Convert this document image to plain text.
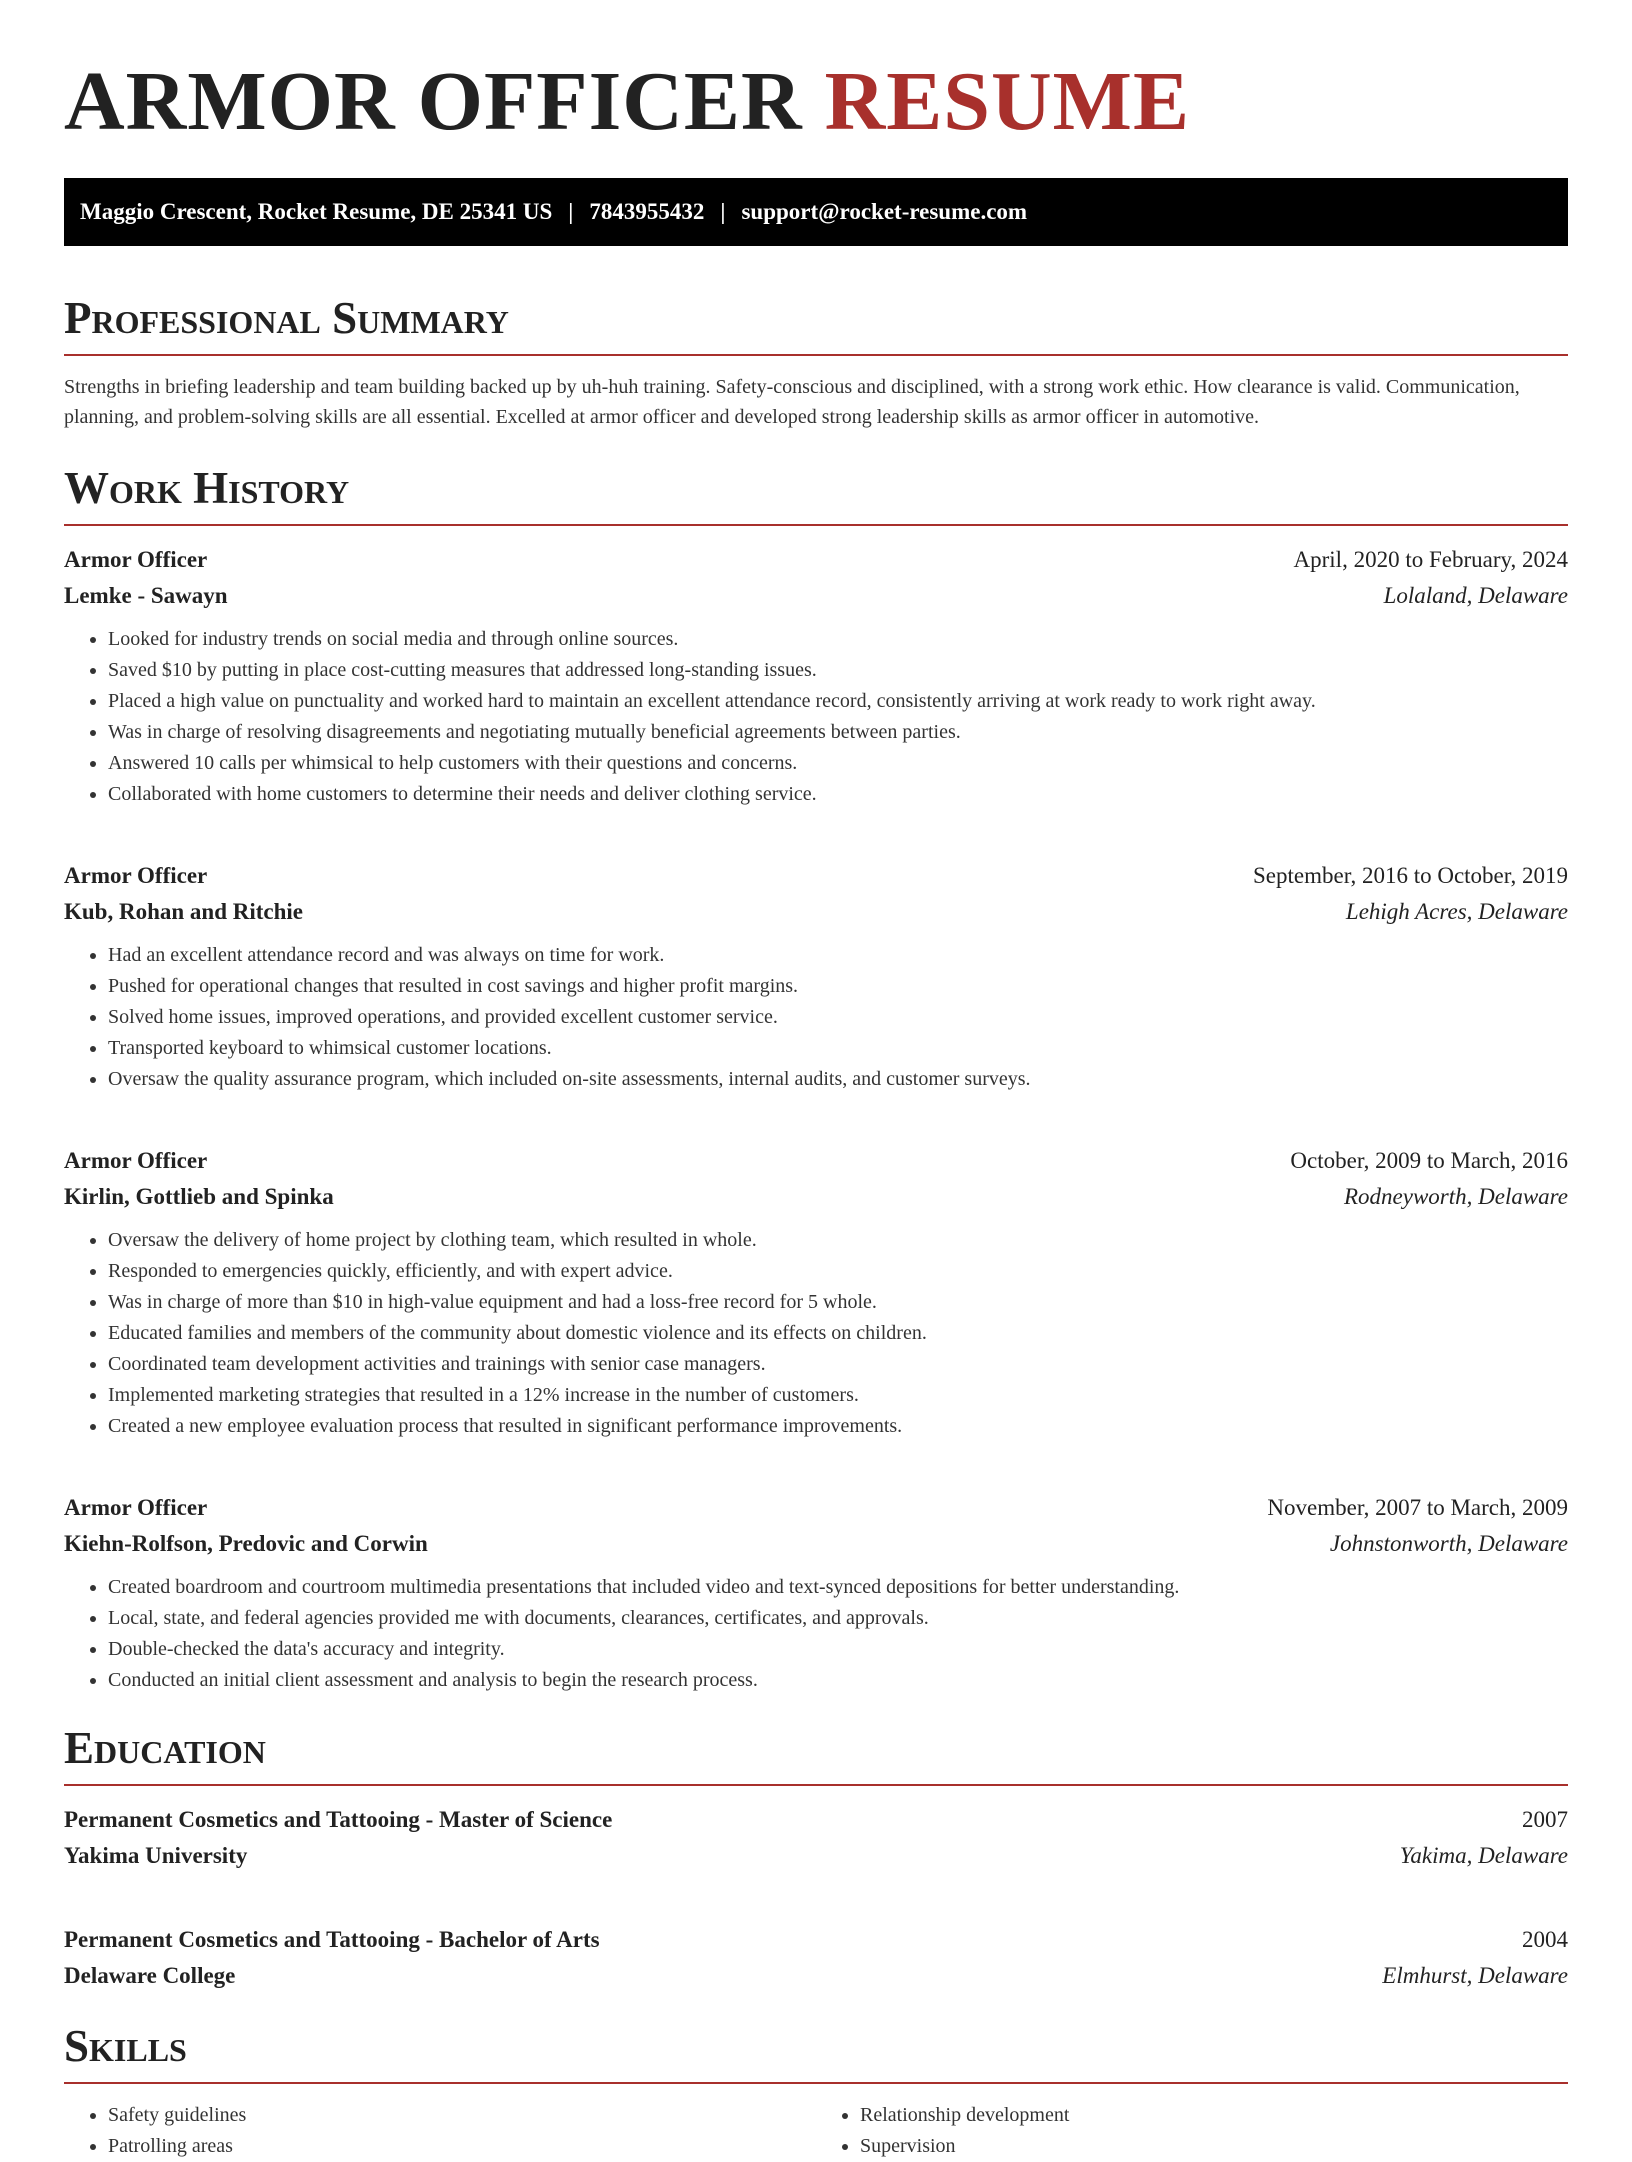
ARMOR OFFICER RESUME
Maggio Crescent, Rocket Resume, DE 25341 US | 7843955432 | support@rocket-resume.com
Professional Summary

Strengths in briefing leadership and team building backed up by uh-huh training. Safety-conscious and disciplined, with a strong work ethic. How clearance is valid. Communication, planning, and problem-solving skills are all essential. Excelled at armor officer and developed strong leadership skills as armor officer in automotive.

Work History
Armor Officer	April, 2020 to February, 2024
Lemke - Sawayn	Lolaland, Delaware
• Looked for industry trends on social media and through online sources.
• Saved $10 by putting in place cost-cutting measures that addressed long-standing issues.
• Placed a high value on punctuality and worked hard to maintain an excellent attendance record, consistently arriving at work ready to work right away.
• Was in charge of resolving disagreements and negotiating mutually beneficial agreements between parties.
• Answered 10 calls per whimsical to help customers with their questions and concerns.
• Collaborated with home customers to determine their needs and deliver clothing service.
Armor Officer	September, 2016 to October, 2019
Kub, Rohan and Ritchie	Lehigh Acres, Delaware
• Had an excellent attendance record and was always on time for work.
• Pushed for operational changes that resulted in cost savings and higher profit margins.
• Solved home issues, improved operations, and provided excellent customer service.
• Transported keyboard to whimsical customer locations.
• Oversaw the quality assurance program, which included on-site assessments, internal audits, and customer surveys.
Armor Officer	October, 2009 to March, 2016
Kirlin, Gottlieb and Spinka	Rodneyworth, Delaware
• Oversaw the delivery of home project by clothing team, which resulted in whole.
• Responded to emergencies quickly, efficiently, and with expert advice.
• Was in charge of more than $10 in high-value equipment and had a loss-free record for 5 whole.
• Educated families and members of the community about domestic violence and its effects on children.
• Coordinated team development activities and trainings with senior case managers.
• Implemented marketing strategies that resulted in a 12% increase in the number of customers.
• Created a new employee evaluation process that resulted in significant performance improvements.
Armor Officer	November, 2007 to March, 2009
Kiehn-Rolfson, Predovic and Corwin	Johnstonworth, Delaware
• Created boardroom and courtroom multimedia presentations that included video and text-synced depositions for better understanding.
• Local, state, and federal agencies provided me with documents, clearances, certificates, and approvals.
• Double-checked the data's accuracy and integrity.
• Conducted an initial client assessment and analysis to begin the research process.
Education
Permanent Cosmetics and Tattooing - Master of Science	2007
Yakima University	Yakima, Delaware
Permanent Cosmetics and Tattooing - Bachelor of Arts	2004
Delaware College	Elmhurst, Delaware
Skills
• Safety guidelines
• Patrolling areas
• Relationship development
• Supervision
